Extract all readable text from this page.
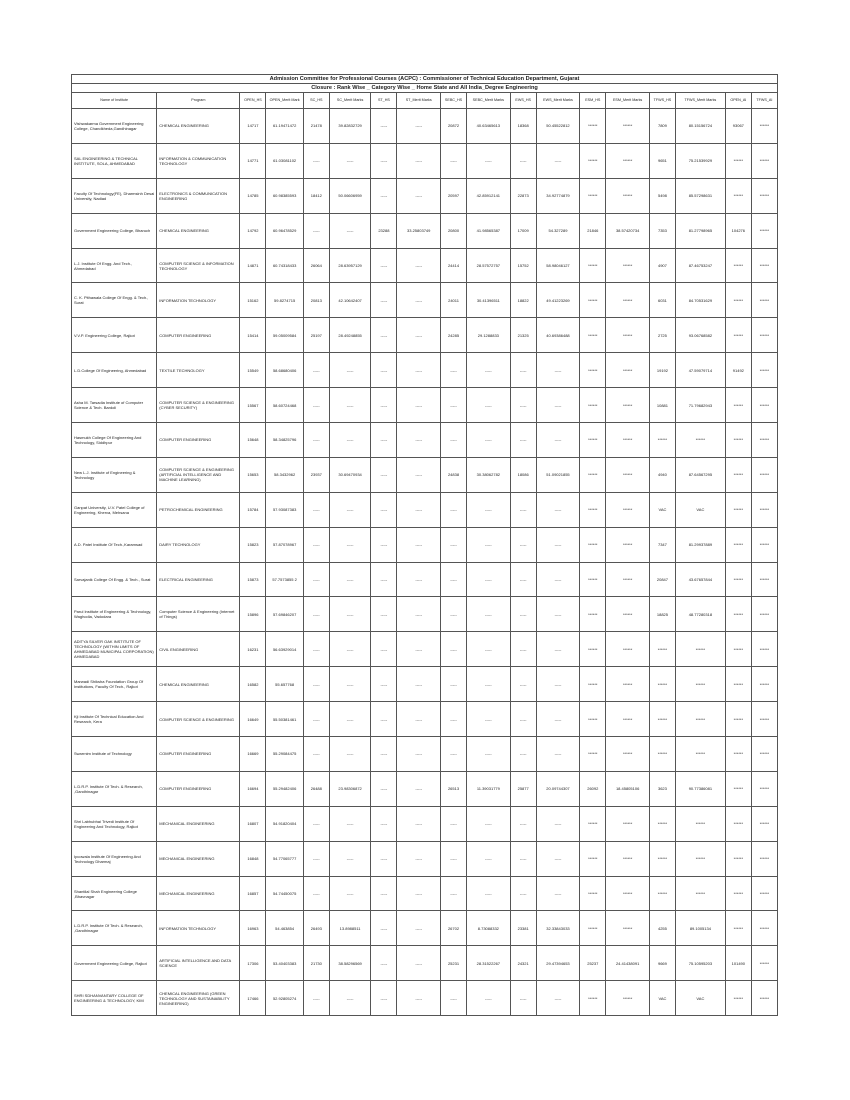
Admission Committee for Professional Courses (ACPC) : Commissioner of Technical Education Department, Gujarat																	
Closure : Rank Wise _ Category Wise _ Home State and All India_Degree Engineering																	
Name of Institute	Program	OPEN_HS	OPEN_Merit Mark	SC_HS	SC_Merit Marks	ST_HS	ST_Merit Marks	SEBC_HS	SEBC_Merit Marks	EWS_HS	EWS_Merit Marks	ESM_HS	ESM_Merit Marks	TFWS_HS	TFWS_Merit Marks	OPEN_AI	TFWS_AI
Vishwakarma Government Engineering College, Chandkheda,Gandhinagar	CHEMICAL ENGINEERING	14717	61.19471472	21478	39.82832729	-----	-----	20872	40.63465613	18368	50.45522812	******	******	7809	80.15156724	93067	******
SAL ENGINEERING & TECHNICAL INSTITUTE, SOLA, AHMEDABAD	INFORMATION & COMMUNICATION TECHNOLOGY	14771	61.03081102	-----	-----	-----	-----	-----	-----	-----	-----	******	******	9651	75.21539929	******	******
Faculty Of Technology(FE), Dharmsinh Desai University, Nadiad	ELECTRONICS & COMMUNICATION ENGINEERING	14785	60.98385593	18412	50.06606959	-----	-----	20597	42.85912141	22873	34.92774879	******	******	5498	85.57298631	******	******
Government Engineering College, Bharuch	CHEMICAL ENGINEERING	14792	60.96478529	-----	-----	23288	33.25803749	20800	41.98565387	17009	54.327289	21846	38.57420734	7353	81.27798965	104276	******
L.J. Institute Of Engg. And Tech., Ahmedabad	COMPUTER SCIENCE & INFORMATION TECHNOLOGY	14871	60.74318433	26064	28.63957129	-----	-----	24414	28.57572757	15752	58.98046127	******	******	4907	87.46753247	******	******
C. K. Pithawala College Of Engg. & Tech., Surat	INFORMATION TECHNOLOGY	15162	59.8274715	20813	42.10642407	-----	-----	24011	30.41396511	18822	49.41223269	******	******	6031	84.70531629	******	******
V.V.P. Engineering College, Rajkot	COMPUTER ENGINEERING	15414	59.05009584	25197	28.49248855	-----	-----	24285	29.1288833	21325	40.69386488	******	******	2725	93.06768582	******	******
L.D.College Of Engineering, Ahmedabad	TEXTILE TECHNOLOGY	15549	58.68680406	-----	-----	-----	-----	-----	-----	-----	-----	******	******	19192	47.59079714	91492	******
Asha M. Tarsadia Institute of Computer Science & Tech. Bardoli	COMPUTER SCIENCE & ENGINEERING (CYBER SECURITY)	15567	58.60724468	-----	-----	-----	-----	-----	-----	-----	-----	******	******	10881	71.79682943	******	******
Hasmukh College Of Engineering And Technology, Siddhpur	COMPUTER ENGINEERING	15648	58.34825796	-----	-----	-----	-----	-----	-----	-----	-----	******	******	******	******	******	******
New L.J. Institute of Engineering & Technology	COMPUTER SCIENCE & ENGINEERING (ARTIFICIAL INTELLIGENCE AND MACHINE LEARNING)	15653	58.3432962	23937	30.69470934	-----	-----	24838	30.38062782	18086	51.09021855	******	******	4940	87.64567295	******	******
Ganpat University, U.V. Patel College of Engineering, Kherva, Mehsana	PETROCHEMICAL ENGINEERING	15784	57.93087383	-----	-----	-----	-----	-----	-----	-----	-----	******	******	VAC	VAC	******	******
A.D. Patel Institute Of Tech.,Karamsad	DAIRY TECHNOLOGY	15823	57.87078967	-----	-----	-----	-----	-----	-----	-----	-----	******	******	7347	81.29937889	******	******
Sarvajanik College Of Engg. & Tech., Surat	ELECTRICAL ENGINEERING	15873	57.7573855 2	-----	-----	-----	-----	-----	-----	-----	-----	******	******	20847	43.67657844	******	******
Parul Institute of Engineering & Technology, Waghodia, Vadodara	Computer Science & Engineering (Internet of Things)	15896	57.69846207	-----	-----	-----	-----	-----	-----	-----	-----	******	******	18825	48.77280318	******	******
ADITYA SILVER OAK INSTITUTE OF TECHNOLOGY (WITHIN LIMITS OF AHMEDABAD MUNICIPAL CORPORATION) AHMEDABAD	CIVIL ENGINEERING	16231	56.63929014	-----	-----	-----	-----	-----	-----	-----	-----	******	******	******	******	******	******
Marwadi Shiksha Foundation Group Of Institutions, Faculty Of Tech., Rajkot	CHEMICAL ENGINEERING	16582	55.657768	-----	-----	-----	-----	-----	-----	-----	-----	******	******	******	******	******	******
Kji Institute Of Technical Education And Research, Kera	COMPUTER SCIENCE & ENGINEERING	16649	55.50381461	-----	-----	-----	-----	-----	-----	-----	-----	******	******	******	******	******	******
Swarrnim Institute of Technology	COMPUTER ENGINEERING	16669	55.29084475	-----	-----	-----	-----	-----	-----	-----	-----	******	******	******	******	******	******
L.D.R.P. Institute Of Tech. & Research, ,Gandhinagar	COMPUTER ENGINEERING	16694	55.29482406	26488	23.98306872	-----	-----	26513	11.39031779	25877	20.09744307	26092	18.45805106	3623	90.77386081	******	******
Shri Labhubhai Trivedi Institute Of Engineering And Technology, Rajkot	MECHANICAL ENGINEERING	16807	54.91820404	-----	-----	-----	-----	-----	-----	-----	-----	******	******	******	******	******	******
Ipcowala Institute Of Engineering And Technology Dharmaj	MECHANICAL ENGINEERING	16848	54.77065777	-----	-----	-----	-----	-----	-----	-----	-----	******	******	******	******	******	******
Shantilal Shah Engineering College ,Bhavnagar	MECHANICAL ENGINEERING	16857	54.74450075	-----	-----	-----	-----	-----	-----	-----	-----	******	******	******	******	******	******
L.D.R.P. Institute Of Tech. & Research, ,Gandhinagar	INFORMATION TECHNOLOGY	16963	54.463854	26493	13.8988511	-----	-----	26702	8.73088332	23381	32.33843033	******	******	4255	89.1005134	******	******
Government Engineering College, Rajkot	ARTIFICIAL INTELLIGENCE AND DATA SCIENCE	17306	53.40403383	21730	38.58296569	-----	-----	25231	28.31522267	24321	29.47394653	25237	24.41438091	9669	75.10595203	101490	******
SHRI SDHANVANTARY COLLEGE OF ENGINEERING & TECHNOLOGY, KIM	CHEMICAL ENGINEERING (GREEN TECHNOLOGY AND SUSTAINABILITY ENGINEERING)	17466	52.92805274	-----	-----	-----	-----	-----	-----	-----	-----	******	******	VAC	VAC	******	******
